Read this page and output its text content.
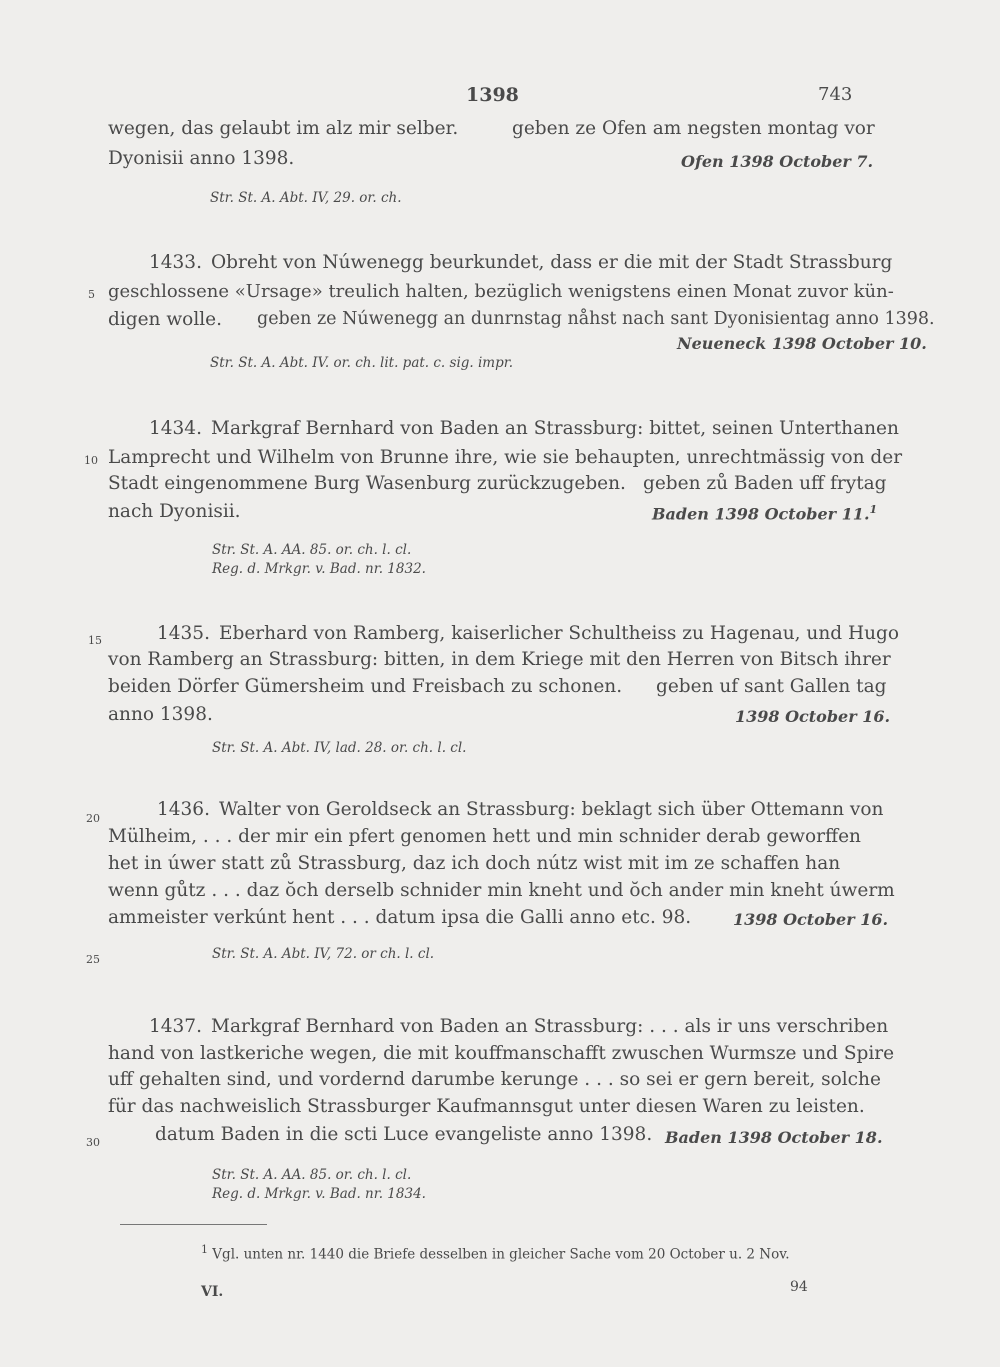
1398	743
wegen, das gelaubt im alz mir selber.	geben ze Ofen am negsten montag vor
Dyonisii anno 1398.	Ofen 1398 October 7.
Str. St. A. Abt. IV, 29. or. ch.
1433. Obreht von Núwenegg beurkundet, dass er die mit der Stadt Strassburg
5 geschlossene «Ursage» treulich halten, bezüglich wenigstens einen Monat zuvor kün-
digen wolle. geben ze Núwenegg an dunrnstag nåhst nach sant Dyonisientag anno 1398.
Neueneck 1398 October 10.
Str. St. A. Abt. IV. or. ch. lit. pat. c. sig. impr.
1434. Markgraf Bernhard von Baden an Strassburg: bittet, seinen Unterthanen
10 Lamprecht und Wilhelm von Brunne ihre, wie sie behaupten, unrechtmässig von der
Stadt eingenommene Burg Wasenburg zurückzugeben. geben zů Baden uff frytag
nach Dyonisii.	Baden 1398 October 11.$^1$
Str. St. A. AA. 85. or. ch. l. cl.
Reg. d. Mrkgr. v. Bad. nr. 1832.
15	1435. Eberhard von Ramberg, kaiserlicher Schultheiss zu Hagenau, und Hugo
von Ramberg an Strassburg: bitten, in dem Kriege mit den Herren von Bitsch ihrer
beiden Dörfer Gümersheim und Freisbach zu schonen. geben uf sant Gallen tag
anno 1398.	1398 October 16.
Str. St. A. Abt. IV, lad. 28. or. ch. l. cl.
20	1436. Walter von Geroldseck an Strassburg: beklagt sich über Ottemann von
Mülheim, . . . der mir ein pfert genomen hett und min schnider derab geworffen
het in úwer statt zů Strassburg, daz ich doch nútz wist mit im ze schaffen han
wenn gůtz . . . daz ŏch derselb schnider min kneht und ŏch ander min kneht úwerm
ammeister verkúnt hent . . . datum ipsa die Galli anno etc. 98.	1398 October 16.
25	Str. St. A. Abt. IV, 72. or ch. l. cl.
1437. Markgraf Bernhard von Baden an Strassburg: . . . als ir uns verschriben
hand von lastkeriche wegen, die mit kouffmanschafft zwuschen Wurmsze und Spire
uff gehalten sind, und vordernd darumbe kerunge . . . so sei er gern bereit, solche
für das nachweislich Strassburger Kaufmannsgut unter diesen Waren zu leisten.
30	datum Baden in die scti Luce evangeliste anno 1398. Baden 1398 October 18.
Str. St. A. AA. 85. or. ch. l. cl.
Reg. d. Mrkgr. v. Bad. nr. 1834.
$^1$ Vgl. unten nr. 1440 die Briefe desselben in gleicher Sache vom 20 October u. 2 Nov.
VI.	94
